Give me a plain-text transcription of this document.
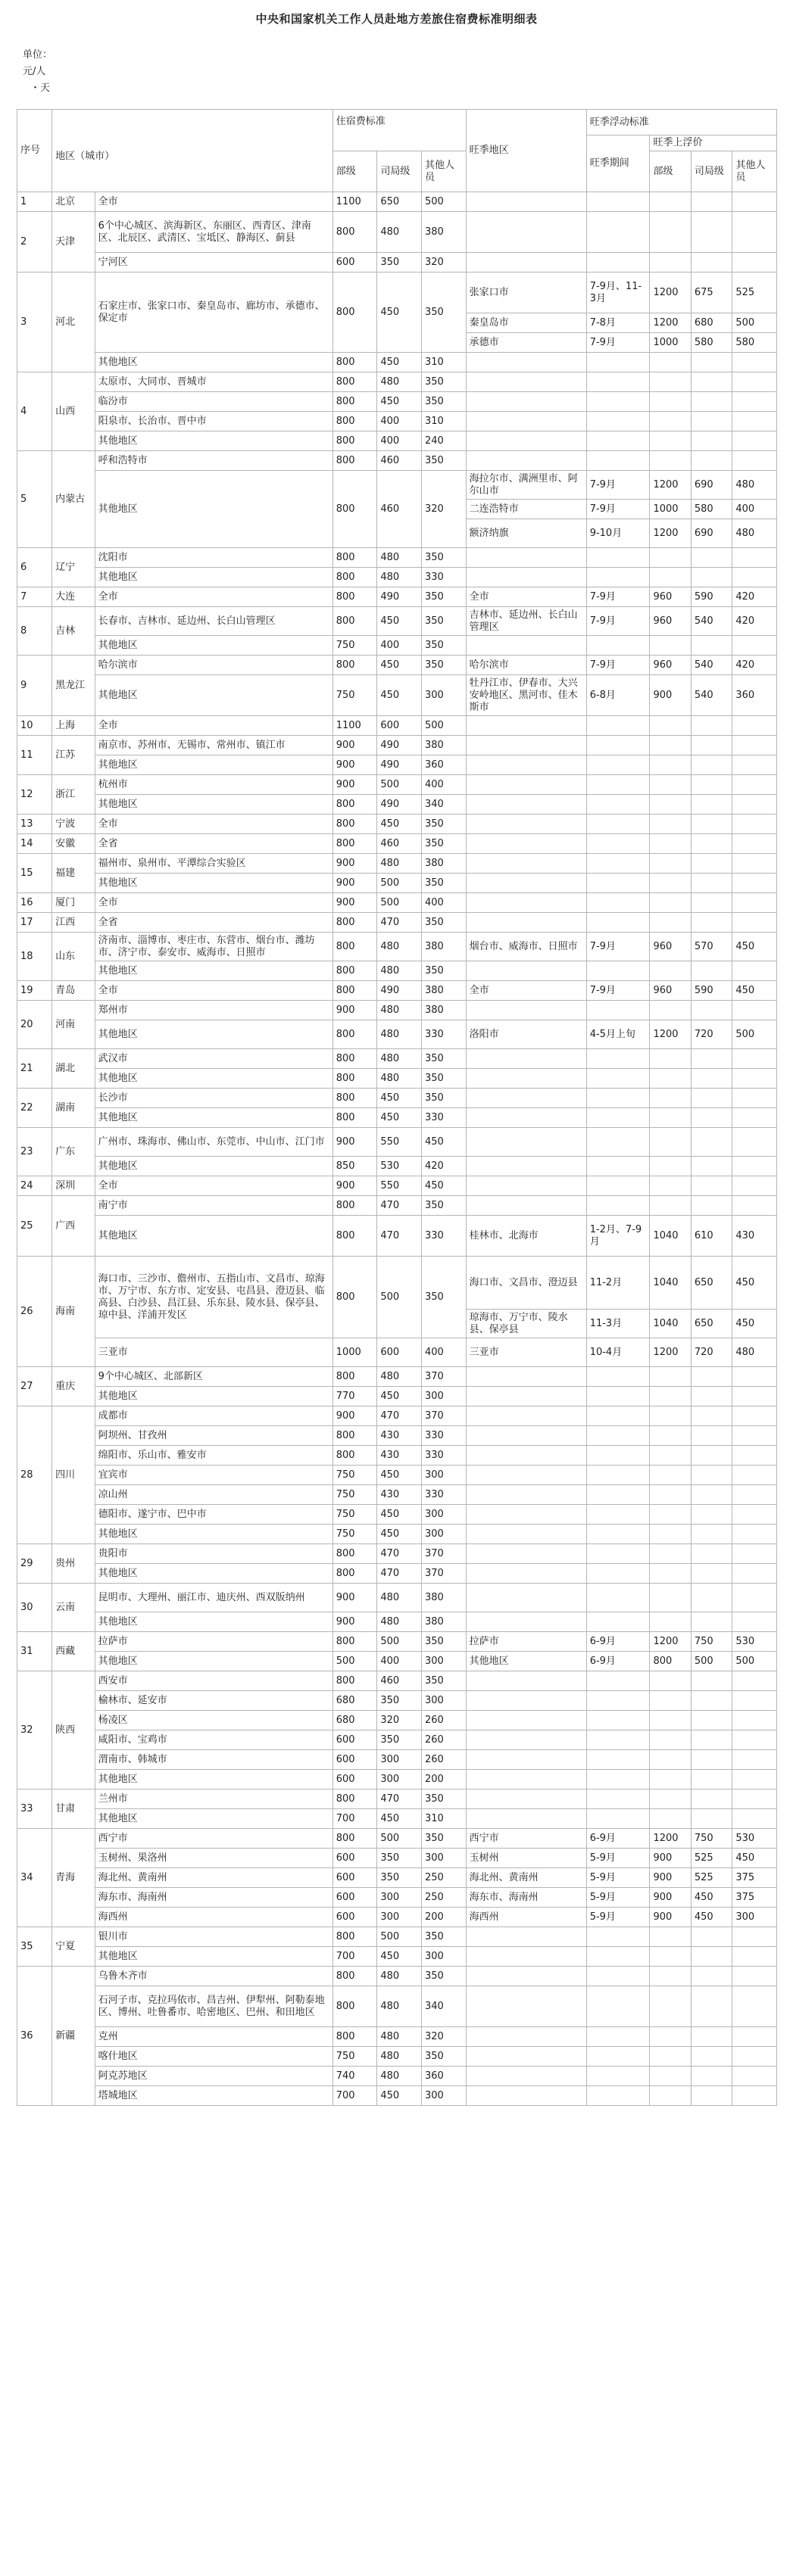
中央和国家机关工作人员赴地方差旅住宿费标准明细表
单位：
元/人
・天
序号	地区（城市）		住宿费标准			旺季地区	旺季浮动标准			
							旺季期间	旺季上浮价		
			部级	司局级	其他人员			部级	司局级	其他人员
1	北京	全市	1100	650	500					
2	天津	6个中心城区、滨海新区、东丽区、西青区、津南区、北辰区、武清区、宝坻区、静海区、蓟县	800	480	380					
		宁河区	600	350	320					
3	河北	石家庄市、张家口市、秦皇岛市、廊坊市、承德市、保定市	800	450	350	张家口市	7-9月、11-3月	1200	675	525
						秦皇岛市	7-8月	1200	680	500
						承德市	7-9月	1000	580	580
		其他地区	800	450	310					
4	山西	太原市、大同市、晋城市	800	480	350					
		临汾市	800	450	350					
		阳泉市、长治市、晋中市	800	400	310					
		其他地区	800	400	240					
5	内蒙古	呼和浩特市	800	460	350					
		其他地区	800	460	320	海拉尔市、满洲里市、阿尔山市	7-9月	1200	690	480
						二连浩特市	7-9月	1000	580	400
						额济纳旗	9-10月	1200	690	480
6	辽宁	沈阳市	800	480	350					
		其他地区	800	480	330					
7	大连	全市	800	490	350	全市	7-9月	960	590	420
8	吉林	长春市、吉林市、延边州、长白山管理区	800	450	350	吉林市、延边州、长白山管理区	7-9月	960	540	420
		其他地区	750	400	350					
9	黑龙江	哈尔滨市	800	450	350	哈尔滨市	7-9月	960	540	420
		其他地区	750	450	300	牡丹江市、伊春市、大兴安岭地区、黑河市、佳木斯市	6-8月	900	540	360
10	上海	全市	1100	600	500					
11	江苏	南京市、苏州市、无锡市、常州市、镇江市	900	490	380					
		其他地区	900	490	360					
12	浙江	杭州市	900	500	400					
		其他地区	800	490	340					
13	宁波	全市	800	450	350					
14	安徽	全省	800	460	350					
15	福建	福州市、泉州市、平潭综合实验区	900	480	380					
		其他地区	900	500	350					
16	厦门	全市	900	500	400					
17	江西	全省	800	470	350					
18	山东	济南市、淄博市、枣庄市、东营市、烟台市、潍坊市、济宁市、泰安市、威海市、日照市	800	480	380	烟台市、威海市、日照市	7-9月	960	570	450
		其他地区	800	480	350					
19	青岛	全市	800	490	380	全市	7-9月	960	590	450
20	河南	郑州市	900	480	380					
		其他地区	800	480	330	洛阳市	4-5月上旬	1200	720	500
21	湖北	武汉市	800	480	350					
		其他地区	800	480	350					
22	湖南	长沙市	800	450	350					
		其他地区	800	450	330					
23	广东	广州市、珠海市、佛山市、东莞市、中山市、江门市	900	550	450					
		其他地区	850	530	420					
24	深圳	全市	900	550	450					
25	广西	南宁市	800	470	350					
		其他地区	800	470	330	桂林市、北海市	1-2月、7-9月	1040	610	430
26	海南	海口市、三沙市、儋州市、五指山市、文昌市、琼海市、万宁市、东方市、定安县、屯昌县、澄迈县、临高县、白沙县、昌江县、乐东县、陵水县、保亭县、琼中县、洋浦开发区	800	500	350	海口市、文昌市、澄迈县	11-2月	1040	650	450
						琼海市、万宁市、陵水县、保亭县	11-3月	1040	650	450
		三亚市	1000	600	400	三亚市	10-4月	1200	720	480
27	重庆	9个中心城区、北部新区	800	480	370					
		其他地区	770	450	300					
28	四川	成都市	900	470	370					
		阿坝州、甘孜州	800	430	330					
		绵阳市、乐山市、雅安市	800	430	330					
		宜宾市	750	450	300					
		凉山州	750	430	330					
		德阳市、遂宁市、巴中市	750	450	300					
		其他地区	750	450	300					
29	贵州	贵阳市	800	470	370					
		其他地区	800	470	370					
30	云南	昆明市、大理州、丽江市、迪庆州、西双版纳州	900	480	380					
		其他地区	900	480	380					
31	西藏	拉萨市	800	500	350	拉萨市	6-9月	1200	750	530
		其他地区	500	400	300	其他地区	6-9月	800	500	500
32	陕西	西安市	800	460	350					
		榆林市、延安市	680	350	300					
		杨凌区	680	320	260					
		咸阳市、宝鸡市	600	350	260					
		渭南市、韩城市	600	300	260					
		其他地区	600	300	200					
33	甘肃	兰州市	800	470	350					
		其他地区	700	450	310					
34	青海	西宁市	800	500	350	西宁市	6-9月	1200	750	530
		玉树州、果洛州	600	350	300	玉树州	5-9月	900	525	450
		海北州、黄南州	600	350	250	海北州、黄南州	5-9月	900	525	375
		海东市、海南州	600	300	250	海东市、海南州	5-9月	900	450	375
		海西州	600	300	200	海西州	5-9月	900	450	300
35	宁夏	银川市	800	500	350					
		其他地区	700	450	300					
36	新疆	乌鲁木齐市	800	480	350					
		石河子市、克拉玛依市、昌吉州、伊犁州、阿勒泰地区、博州、吐鲁番市、哈密地区、巴州、和田地区	800	480	340					
		克州	800	480	320					
		喀什地区	750	480	350					
		阿克苏地区	740	480	360					
		塔城地区	700	450	300					
